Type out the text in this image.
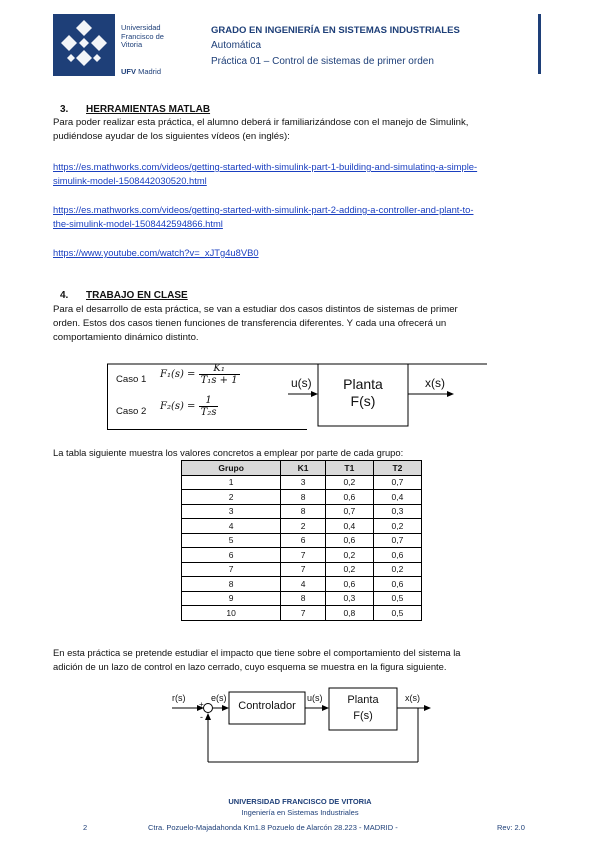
Universidad
Francisco de
Vitoria
UFV Madrid
GRADO EN INGENIERÍA EN SISTEMAS INDUSTRIALES
Automática
Práctica 01 – Control de sistemas de primer orden
3. HERRAMIENTAS MATLAB
Para poder realizar esta práctica, el alumno deberá ir familiarizándose con el manejo de Simulink,
pudiéndose ayudar de los siguientes vídeos (en inglés):
https://es.mathworks.com/videos/getting-started-with-simulink-part-1-building-and-simulating-a-simple-
simulink-model-1508442030520.html
https://es.mathworks.com/videos/getting-started-with-simulink-part-2-adding-a-controller-and-plant-to-
the-simulink-model-1508442594866.html
https://www.youtube.com/watch?v=_xJTg4u8VB0
4. TRABAJO EN CLASE
Para el desarrollo de esta práctica, se van a estudiar dos casos distintos de sistemas de primer
orden. Estos dos casos tienen funciones de transferencia diferentes. Y cada una ofrecerá un
comportamiento dinámico distinto.
Caso 1 $F_1(s) = \frac{\text{K₁}}{\text{T₁s + 1}}$
Caso 2 $F_2(s) = \frac{1}{\text{T₂s}}$
u(s)	Planta
F(s)
x(s)
La tabla siguiente muestra los valores concretos a emplear por parte de cada grupo:
Grupo	K1	T1	T2
1	3	0,2	0,7
2	8	0,6	0,4
3	8	0,7	0,3
4	2	0,4	0,2
5	6	0,6	0,7
6	7	0,2	0,6
7	7	0,2	0,2
8	4	0,6	0,6
9	8	0,3	0,5
10	7	0,8	0,5
En esta práctica se pretende estudiar el impacto que tiene sobre el comportamiento del sistema la
adición de un lazo de control en lazo cerrado, cuyo esquema se muestra en la figura siguiente.
r(s)	e(s)
+
-
Controlador
u(s)	Planta
F(s)
x(s)
UNIVERSIDAD FRANCISCO DE VITORIA
Ingeniería en Sistemas Industriales
2	Ctra. Pozuelo-Majadahonda Km1.8 Pozuelo de Alarcón 28.223 - MADRID -	Rev: 2.0
